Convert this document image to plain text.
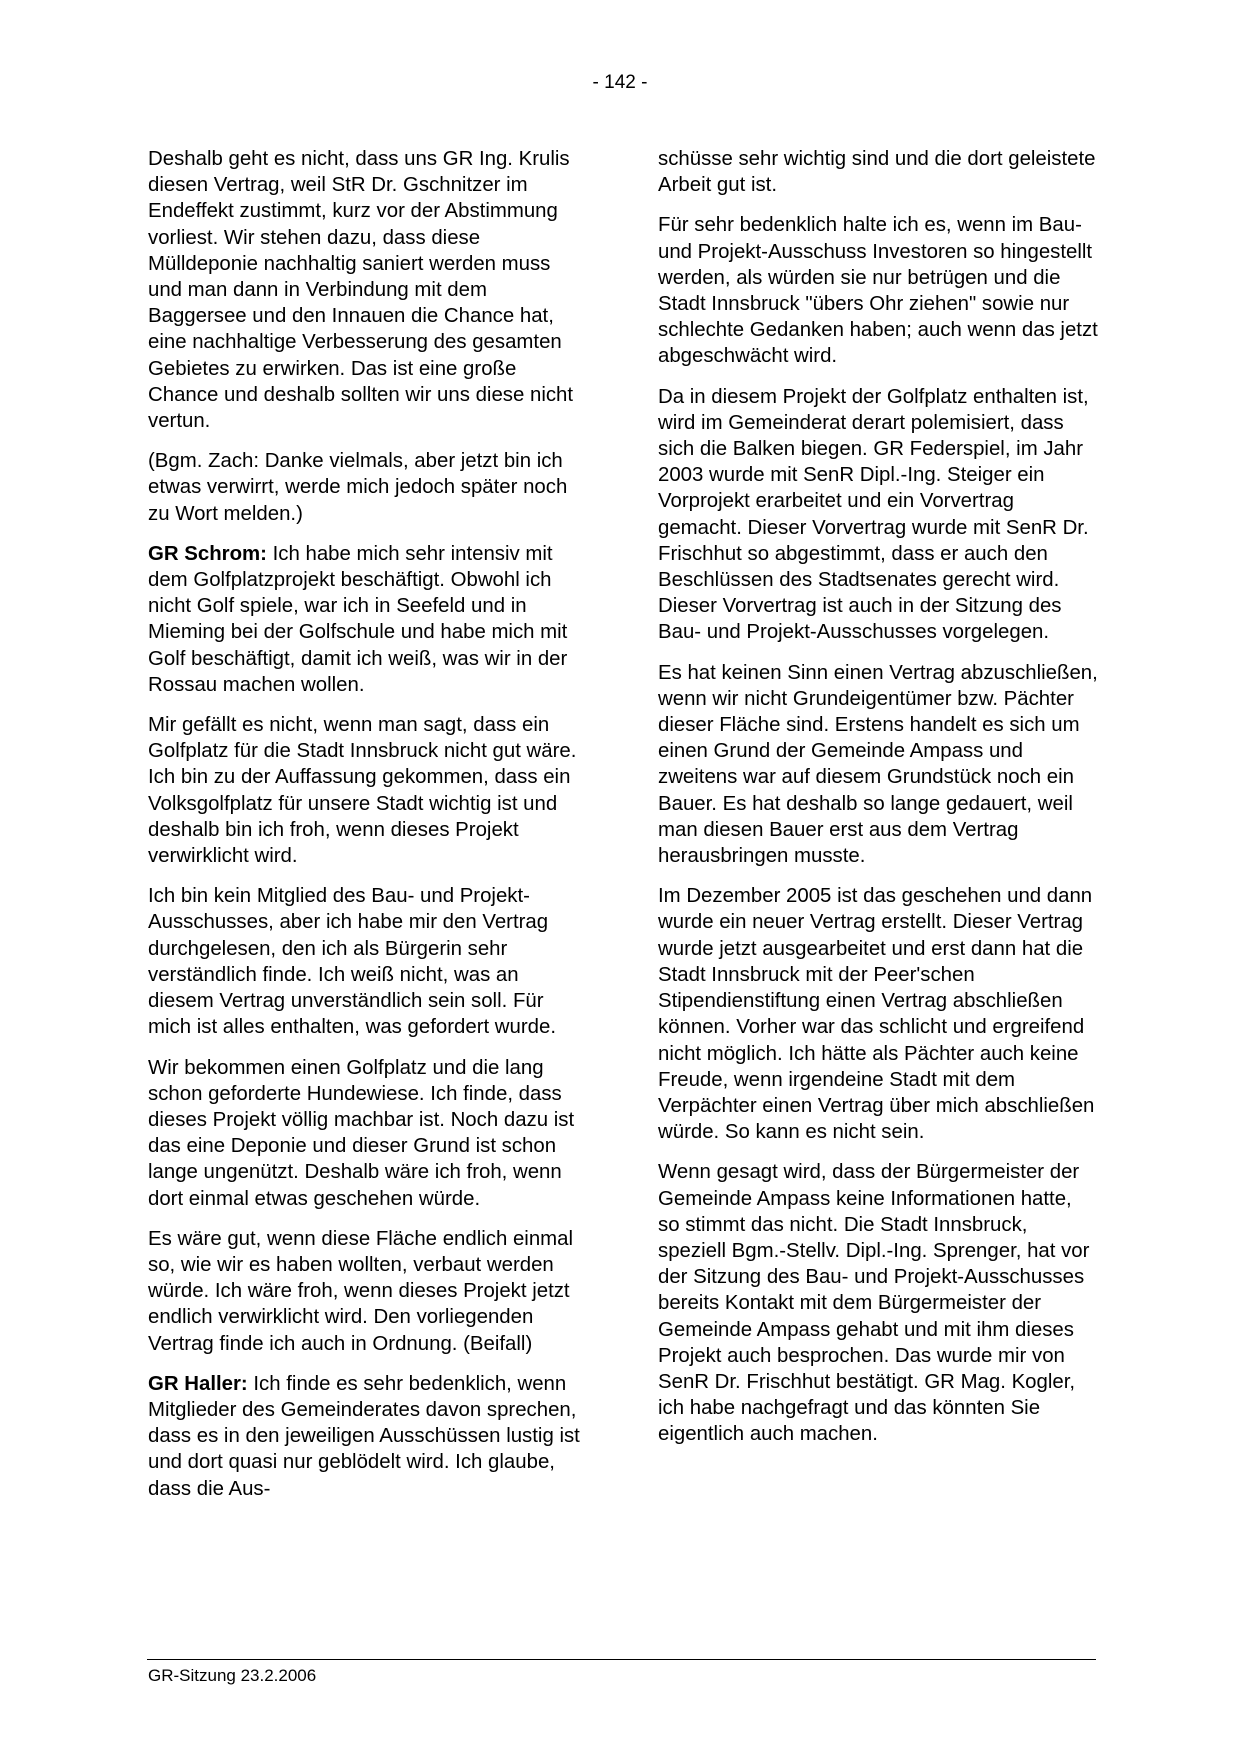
- 142 -

Deshalb geht es nicht, dass uns GR Ing. Krulis diesen Vertrag, weil StR Dr. Gschnitzer im Endeffekt zustimmt, kurz vor der Abstimmung vorliest. Wir stehen dazu, dass diese Mülldeponie nachhaltig saniert werden muss und man dann in Verbindung mit dem Baggersee und den Innauen die Chance hat, eine nachhaltige Verbesserung des gesamten Gebietes zu erwirken. Das ist eine große Chance und deshalb sollten wir uns diese nicht vertun.

(Bgm. Zach: Danke vielmals, aber jetzt bin ich etwas verwirrt, werde mich jedoch später noch zu Wort melden.)

GR Schrom: Ich habe mich sehr intensiv mit dem Golfplatzprojekt beschäftigt. Obwohl ich nicht Golf spiele, war ich in Seefeld und in Mieming bei der Golfschule und habe mich mit Golf beschäftigt, damit ich weiß, was wir in der Rossau machen wollen.

Mir gefällt es nicht, wenn man sagt, dass ein Golfplatz für die Stadt Innsbruck nicht gut wäre. Ich bin zu der Auffassung gekommen, dass ein Volksgolfplatz für unsere Stadt wichtig ist und deshalb bin ich froh, wenn dieses Projekt verwirklicht wird.

Ich bin kein Mitglied des Bau- und Projekt-Ausschusses, aber ich habe mir den Vertrag durchgelesen, den ich als Bürgerin sehr verständlich finde. Ich weiß nicht, was an diesem Vertrag unverständlich sein soll. Für mich ist alles enthalten, was gefordert wurde.

Wir bekommen einen Golfplatz und die lang schon geforderte Hundewiese. Ich finde, dass dieses Projekt völlig machbar ist. Noch dazu ist das eine Deponie und dieser Grund ist schon lange ungenützt. Deshalb wäre ich froh, wenn dort einmal etwas geschehen würde.

Es wäre gut, wenn diese Fläche endlich einmal so, wie wir es haben wollten, verbaut werden würde. Ich wäre froh, wenn dieses Projekt jetzt endlich verwirklicht wird. Den vorliegenden Vertrag finde ich auch in Ordnung. (Beifall)

GR Haller: Ich finde es sehr bedenklich, wenn Mitglieder des Gemeinderates davon sprechen, dass es in den jeweiligen Ausschüssen lustig ist und dort quasi nur geblödelt wird. Ich glaube, dass die Aus-

schüsse sehr wichtig sind und die dort geleistete Arbeit gut ist.

Für sehr bedenklich halte ich es, wenn im Bau- und Projekt-Ausschuss Investoren so hingestellt werden, als würden sie nur betrügen und die Stadt Innsbruck "übers Ohr ziehen" sowie nur schlechte Gedanken haben; auch wenn das jetzt abgeschwächt wird.

Da in diesem Projekt der Golfplatz enthalten ist, wird im Gemeinderat derart polemisiert, dass sich die Balken biegen. GR Federspiel, im Jahr 2003 wurde mit SenR Dipl.-Ing. Steiger ein Vorprojekt erarbeitet und ein Vorvertrag gemacht. Dieser Vorvertrag wurde mit SenR Dr. Frischhut so abgestimmt, dass er auch den Beschlüssen des Stadtsenates gerecht wird. Dieser Vorvertrag ist auch in der Sitzung des Bau- und Projekt-Ausschusses vorgelegen.

Es hat keinen Sinn einen Vertrag abzuschließen, wenn wir nicht Grundeigentümer bzw. Pächter dieser Fläche sind. Erstens handelt es sich um einen Grund der Gemeinde Ampass und zweitens war auf diesem Grundstück noch ein Bauer. Es hat deshalb so lange gedauert, weil man diesen Bauer erst aus dem Vertrag herausbringen musste.

Im Dezember 2005 ist das geschehen und dann wurde ein neuer Vertrag erstellt. Dieser Vertrag wurde jetzt ausgearbeitet und erst dann hat die Stadt Innsbruck mit der Peer'schen Stipendienstiftung einen Vertrag abschließen können. Vorher war das schlicht und ergreifend nicht möglich. Ich hätte als Pächter auch keine Freude, wenn irgendeine Stadt mit dem Verpächter einen Vertrag über mich abschließen würde. So kann es nicht sein.

Wenn gesagt wird, dass der Bürgermeister der Gemeinde Ampass keine Informationen hatte, so stimmt das nicht. Die Stadt Innsbruck, speziell Bgm.-Stellv. Dipl.-Ing. Sprenger, hat vor der Sitzung des Bau- und Projekt-Ausschusses bereits Kontakt mit dem Bürgermeister der Gemeinde Ampass gehabt und mit ihm dieses Projekt auch besprochen. Das wurde mir von SenR Dr. Frischhut bestätigt. GR Mag. Kogler, ich habe nachgefragt und das könnten Sie eigentlich auch machen.

GR-Sitzung 23.2.2006
